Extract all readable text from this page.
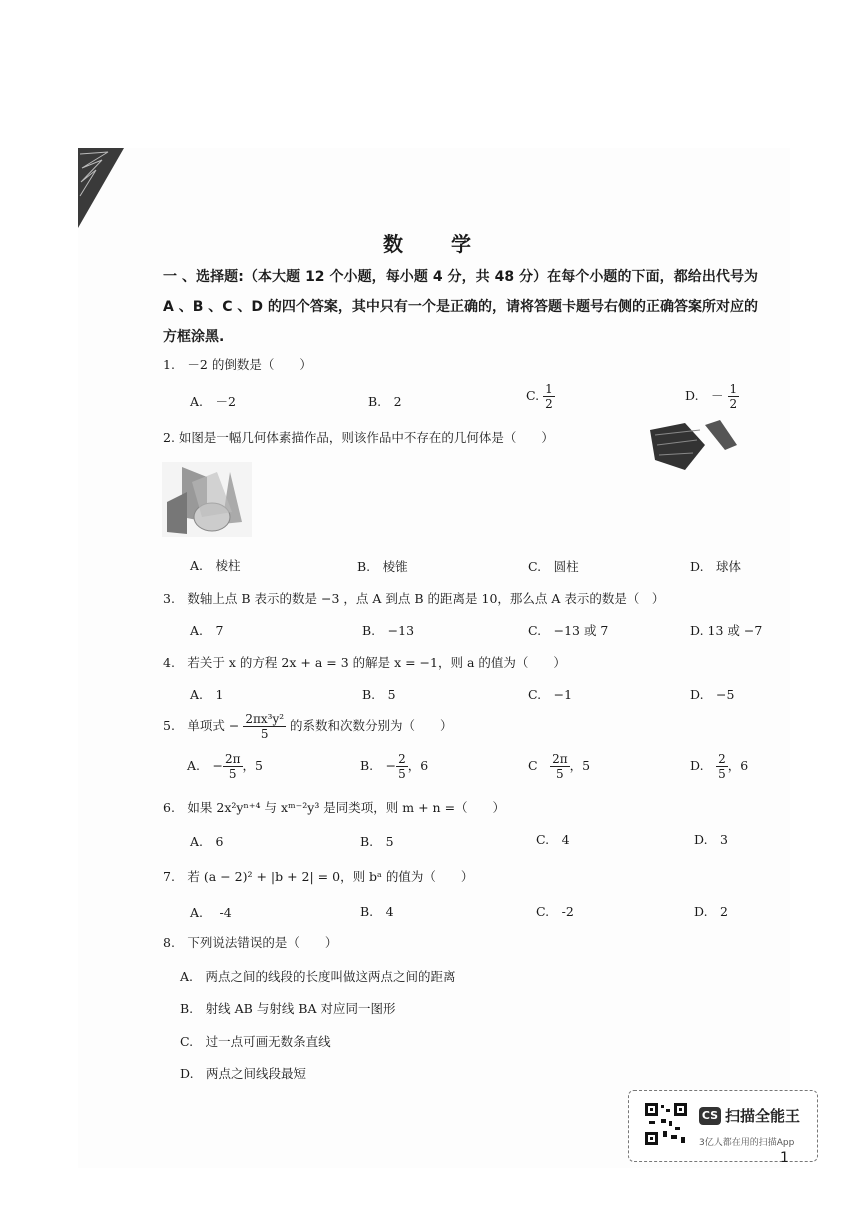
数　学
一 、选择题:（本大题 12 个小题，每小题 4 分，共 48 分）在每个小题的下面，都给出代号为 A 、B 、C 、D 的四个答案，其中只有一个是正确的，请将答题卡题号右侧的正确答案所对应的方框涂黑.
1.　－2 的倒数是（　　）
A.　－2	B.　2	C. $\frac{1}{2}$	D.　－ $\frac{1}{2}$
2. 如图是一幅几何体素描作品，则该作品中不存在的几何体是（　　）
A.　棱柱	B.　棱锥	C.　圆柱	D.　球体
3.　数轴上点 B 表示的数是 −3 ，点 A 到点 B 的距离是 10，那么点 A 表示的数是（　）
A.　7	B.　−13	C.　−13 或 7	D. 13 或 −7
4.　若关于 x 的方程 2x + a = 3 的解是 x = −1，则 a 的值为（　　）
A.　1	B.　5	C.　−1	D.　−5
5.　单项式 − $\frac{\text{2πx³y²}}{5}$ 的系数和次数分别为（　　）
A.　− $\frac{2\pi}{5}$ ，5	B.　− $\frac{2}{5}$ ，6	C　 $\frac{2\pi}{5}$ ，5	D.　 $\frac{2}{5}$ ，6
6.　如果 2x²yⁿ⁺⁴ 与 xᵐ⁻²y³ 是同类项，则 m + n =（　　）
A.　6	B.　5	C.　4	D.　3
7.　若 (a − 2)² + |b + 2| = 0，则 bᵃ 的值为（　　）
A.　 -4	B.　4	C.　-2	D.　2
8.　下列说法错误的是（　　）
A.　两点之间的线段的长度叫做这两点之间的距离
B.　射线 AB 与射线 BA 对应同一图形
C.　过一点可画无数条直线
D.　两点之间线段最短
CS 扫描全能王
3亿人都在用的扫描App
1
